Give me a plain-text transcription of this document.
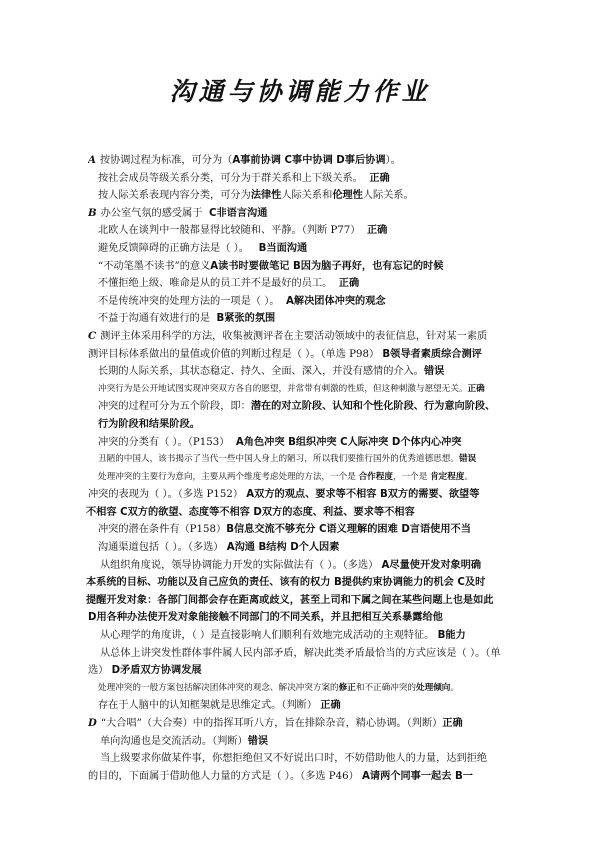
沟通与协调能力作业
A 按协调过程为标准，可分为（A事前协调 C事中协调 D事后协调）。
按社会成员等级关系分类，可分为于群关系和上下级关系。 正确
按人际关系表现内容分类，可分为法律性人际关系和伦理性人际关系。
B 办公室气氛的感受属于 C非语言沟通
北欧人在谈判中一般都显得比较随和、平静。（判断 P77） 正确
避免反馈障碍的正确方法是（ ）。 B当面沟通
“不动笔墨不读书”的意义A读书时要做笔记 B因为脑子再好，也有忘记的时候
不懂拒绝上级、唯命是从的员工并不是最好的员工。 正确
不是传统冲突的处理方法的一项是（ ）。 A解决团体冲突的观念
不益于沟通有效进行的是 B紧张的氛围
C 测评主体采用科学的方法，收集被测评者在主要活动领域中的表征信息，针对某一素质
测评目标体系做出的量值或价值的判断过程是（ ）。（单选 P98） B领导者素质综合测评
长期的人际关系，其状态稳定、持久、全面、深入，并没有感情的介入。错误
冲突行为是公开地试图实现冲突双方各自的愿望，并常带有刺激的性质，但这种刺激与愿望无关。正确
冲突的过程可分为五个阶段，即：潜在的对立阶段、认知和个性化阶段、行为意向阶段、
行为阶段和结果阶段。
冲突的分类有（ ）。（P153） A角色冲突 B组织冲突 C人际冲突 D个体内心冲突
丑陋的中国人，该书揭示了当代一些中国人身上的陋习，所以我们要推行国外的优秀道德思想。错误
处理冲突的主要行为意向，主要从两个维度考虑处理的方法，一个是 合作程度，一个是 肯定程度。
冲突的表现为（ ）。（多选 P152） A双方的观点、要求等不相容 B双方的需要、欲望等
不相容 C双方的欲望、态度等不相容 D双方的态度、利益、要求等不相容
冲突的潜在条件有（P158）B信息交流不够充分 C语义理解的困难 D言语使用不当
沟通渠道包括（ ）。（多选） A沟通 B结构 D个人因素
从组织角度说，领导协调能力开发的实际做法有（ ）。（多选） A尽量使开发对象明确
本系统的目标、功能以及自己应负的责任、该有的权力 B提供约束协调能力的机会 C及时
提醒开发对象：各部门间都会存在距离或歧义，甚至上司和下属之间在某些问题上也是如此
D用各种办法使开发对象能接触不同部门的不同关系，并且把相互关系暴露给他
从心理学的角度讲，（ ）是直接影响人们顺利有效地完成活动的主观特征。 B能力
从总体上讲突发性群体事件属人民内部矛盾，解决此类矛盾最恰当的方式应该是（ ）。（单
选） D矛盾双方协调发展
处理冲突的一般方案包括解决团体冲突的观念、解决冲突方案的修正和不正确冲突的处理倾向。
存在于人脑中的认知框架就是思维定式。（判断） 正确
D “大合唱”（大合奏）中的指挥耳听八方，旨在排除杂音，精心协调。（判断）正确
单向沟通也是交流活动。（判断）错误
当上级要求你做某件事，你想拒绝但又不好说出口时，不妨借助他人的力量，达到拒绝
的目的，下面属于借助他人力量的方式是（ ）。（多选 P46） A请两个同事一起去 B一
